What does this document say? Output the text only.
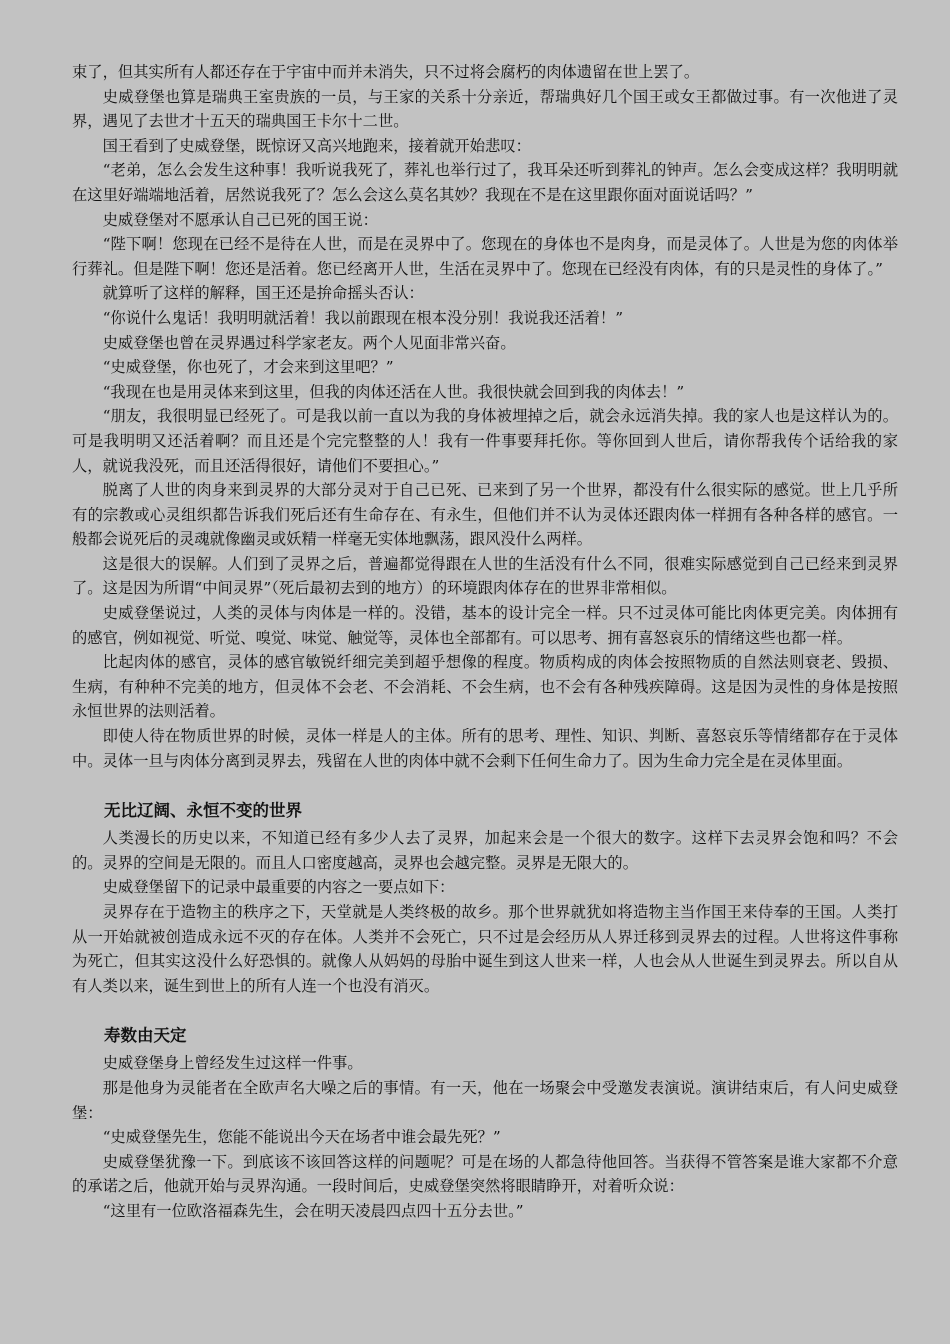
束了，但其实所有人都还存在于宇宙中而并未消失，只不过将会腐朽的肉体遗留在世上罢了。

史威登堡也算是瑞典王室贵族的一员，与王家的关系十分亲近，帮瑞典好几个国王或女王都做过事。有一次他进了灵界，遇见了去世才十五天的瑞典国王卡尔十二世。

国王看到了史威登堡，既惊讶又高兴地跑来，接着就开始悲叹：

“老弟，怎么会发生这种事！我听说我死了，葬礼也举行过了，我耳朵还听到葬礼的钟声。怎么会变成这样？我明明就在这里好端端地活着，居然说我死了？怎么会这么莫名其妙？我现在不是在这里跟你面对面说话吗？”

史威登堡对不愿承认自己已死的国王说：

“陛下啊！您现在已经不是待在人世，而是在灵界中了。您现在的身体也不是肉身，而是灵体了。人世是为您的肉体举行葬礼。但是陛下啊！您还是活着。您已经离开人世，生活在灵界中了。您现在已经没有肉体，有的只是灵性的身体了。”

就算听了这样的解释，国王还是拚命摇头否认：

“你说什么鬼话！我明明就活着！我以前跟现在根本没分别！我说我还活着！”

史威登堡也曾在灵界遇过科学家老友。两个人见面非常兴奋。

“史威登堡，你也死了，才会来到这里吧？”

“我现在也是用灵体来到这里，但我的肉体还活在人世。我很快就会回到我的肉体去！”

“朋友，我很明显已经死了。可是我以前一直以为我的身体被埋掉之后，就会永远消失掉。我的家人也是这样认为的。可是我明明又还活着啊？而且还是个完完整整的人！我有一件事要拜托你。等你回到人世后，请你帮我传个话给我的家人，就说我没死，而且还活得很好，请他们不要担心。”

脱离了人世的肉身来到灵界的大部分灵对于自己已死、已来到了另一个世界，都没有什么很实际的感觉。世上几乎所有的宗教或心灵组织都告诉我们死后还有生命存在、有永生，但他们并不认为灵体还跟肉体一样拥有各种各样的感官。一般都会说死后的灵魂就像幽灵或妖精一样毫无实体地飘荡，跟风没什么两样。

这是很大的误解。人们到了灵界之后，普遍都觉得跟在人世的生活没有什么不同，很难实际感觉到自己已经来到灵界了。这是因为所谓“中间灵界”（死后最初去到的地方）的环境跟肉体存在的世界非常相似。

史威登堡说过，人类的灵体与肉体是一样的。没错，基本的设计完全一样。只不过灵体可能比肉体更完美。肉体拥有的感官，例如视觉、听觉、嗅觉、味觉、触觉等，灵体也全部都有。可以思考、拥有喜怒哀乐的情绪这些也都一样。

比起肉体的感官，灵体的感官敏锐纤细完美到超乎想像的程度。物质构成的肉体会按照物质的自然法则衰老、毁损、生病，有种种不完美的地方，但灵体不会老、不会消耗、不会生病，也不会有各种残疾障碍。这是因为灵性的身体是按照永恒世界的法则活着。

即使人待在物质世界的时候，灵体一样是人的主体。所有的思考、理性、知识、判断、喜怒哀乐等情绪都存在于灵体中。灵体一旦与肉体分离到灵界去，残留在人世的肉体中就不会剩下任何生命力了。因为生命力完全是在灵体里面。

无比辽阔、永恒不变的世界

人类漫长的历史以来，不知道已经有多少人去了灵界，加起来会是一个很大的数字。这样下去灵界会饱和吗？不会的。灵界的空间是无限的。而且人口密度越高，灵界也会越完整。灵界是无限大的。

史威登堡留下的记录中最重要的内容之一要点如下：

灵界存在于造物主的秩序之下，天堂就是人类终极的故乡。那个世界就犹如将造物主当作国王来侍奉的王国。人类打从一开始就被创造成永远不灭的存在体。人类并不会死亡，只不过是会经历从人界迁移到灵界去的过程。人世将这件事称为死亡，但其实这没什么好恐惧的。就像人从妈妈的母胎中诞生到这人世来一样，人也会从人世诞生到灵界去。所以自从有人类以来，诞生到世上的所有人连一个也没有消灭。

寿数由天定

史威登堡身上曾经发生过这样一件事。

那是他身为灵能者在全欧声名大噪之后的事情。有一天，他在一场聚会中受邀发表演说。演讲结束后，有人问史威登堡：

“史威登堡先生，您能不能说出今天在场者中谁会最先死？”

史威登堡犹豫一下。到底该不该回答这样的问题呢？可是在场的人都急待他回答。当获得不管答案是谁大家都不介意的承诺之后，他就开始与灵界沟通。一段时间后，史威登堡突然将眼睛睁开，对着听众说：

“这里有一位欧洛福森先生，会在明天凌晨四点四十五分去世。”
